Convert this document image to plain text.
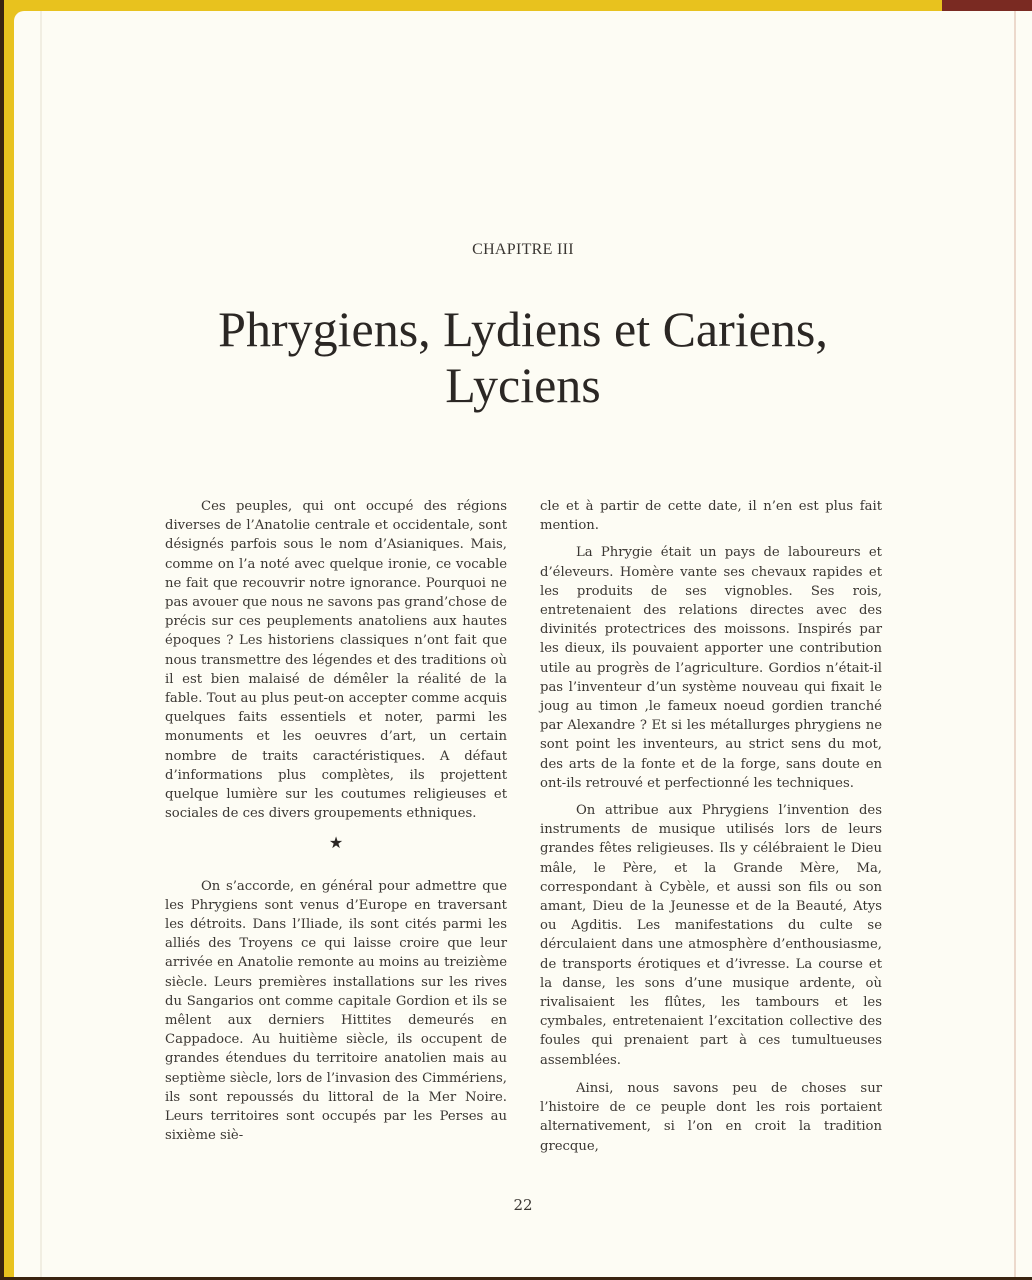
CHAPITRE III
Phrygiens, Lydiens et Cariens,
Lyciens

Ces peuples, qui ont occupé des régions diverses de l’Anatolie centrale et occidentale, sont désignés parfois sous le nom d’Asianiques. Mais, comme on l’a noté avec quelque ironie, ce vocable ne fait que recouvrir notre ignorance. Pourquoi ne pas avouer que nous ne savons pas grand’chose de précis sur ces peuplements anatoliens aux hautes époques ? Les historiens classiques n’ont fait que nous transmettre des légendes et des traditions où il est bien malaisé de démêler la réalité de la fable. Tout au plus peut-on accepter comme acquis quelques faits essentiels et noter, parmi les monuments et les oeuvres d’art, un certain nombre de traits caractéristiques. A défaut d’informations plus complètes, ils projettent quelque lumière sur les coutumes religieuses et sociales de ces divers groupements ethniques.

★

On s’accorde, en général pour admettre que les Phrygiens sont venus d’Europe en traversant les détroits. Dans l’Iliade, ils sont cités parmi les alliés des Troyens ce qui laisse croire que leur arrivée en Anatolie remonte au moins au treizième siècle. Leurs premières installations sur les rives du Sangarios ont comme capitale Gordion et ils se mêlent aux derniers Hittites demeurés en Cappadoce. Au huitième siècle, ils occupent de grandes étendues du territoire anatolien mais au septième siècle, lors de l’invasion des Cimmériens, ils sont repoussés du littoral de la Mer Noire. Leurs territoires sont occupés par les Perses au sixième siè-

cle et à partir de cette date, il n’en est plus fait mention.

La Phrygie était un pays de laboureurs et d’éleveurs. Homère vante ses chevaux rapides et les produits de ses vignobles. Ses rois, entretenaient des relations directes avec des divinités protectrices des moissons. Inspirés par les dieux, ils pouvaient apporter une contribution utile au progrès de l’agriculture. Gordios n’était-il pas l’inventeur d’un système nouveau qui fixait le joug au timon ,le fameux noeud gordien tranché par Alexandre ? Et si les métallurges phrygiens ne sont point les inventeurs, au strict sens du mot, des arts de la fonte et de la forge, sans doute en ont-ils retrouvé et perfectionné les techniques.

On attribue aux Phrygiens l’invention des instruments de musique utilisés lors de leurs grandes fêtes religieuses. Ils y célébraient le Dieu mâle, le Père, et la Grande Mère, Ma, correspondant à Cybèle, et aussi son fils ou son amant, Dieu de la Jeunesse et de la Beauté, Atys ou Agditis. Les manifestations du culte se dérculaient dans une atmosphère d’enthousiasme, de transports érotiques et d’ivresse. La course et la danse, les sons d’une musique ardente, où rivalisaient les flûtes, les tambours et les cymbales, entretenaient l’excitation collective des foules qui prenaient part à ces tumultueuses assemblées.

Ainsi, nous savons peu de choses sur l’histoire de ce peuple dont les rois portaient alternativement, si l’on en croit la tradition grecque,

22
